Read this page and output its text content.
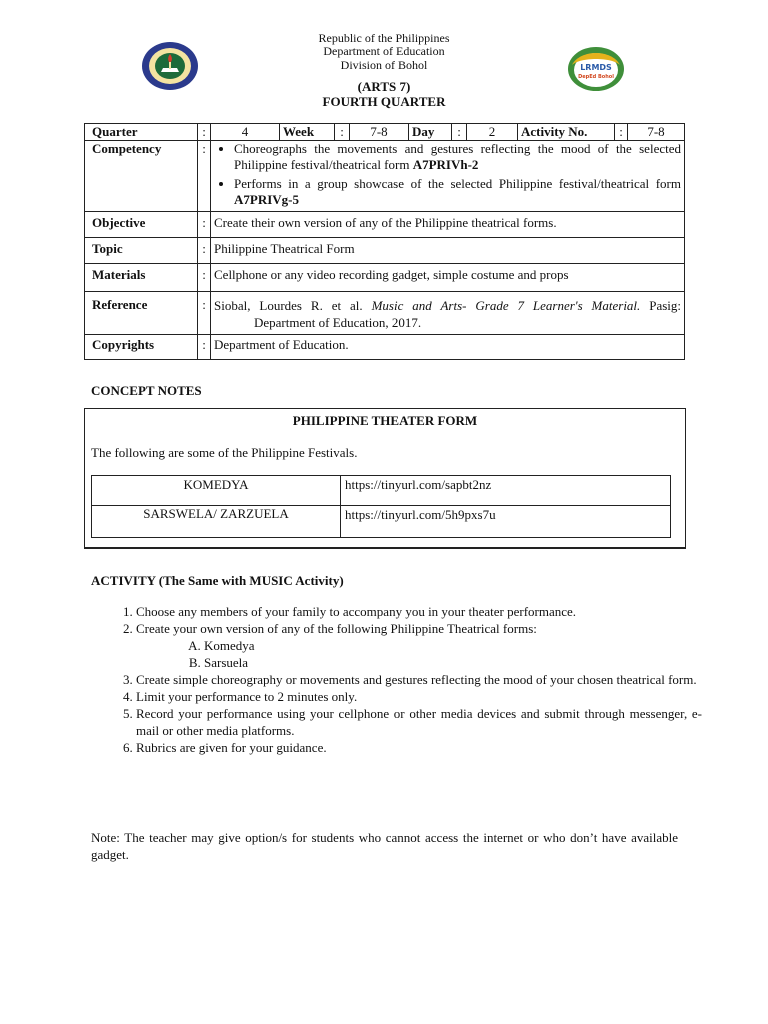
Republic of the Philippines
Department of Education
Division of Bohol
(ARTS 7)
FOURTH QUARTER
LRMDS
DepEd Bohol
Quarter	:		4	Week	:	7-8	Day	:	2	Activity No.	:	7-8

Competency	:	
•Choreographs the movements and gestures reflecting the mood of the selected Philippine festival/theatrical form A7PRIVh-2
• Performs in a group showcase of the selected Philippine festival/theatrical form A7PRIVg-5

Objective	:	Create their own version of any of the Philippine theatrical forms.
Topic	:	Philippine Theatrical Form
Materials	:	Cellphone or any video recording gadget, simple costume and props
Reference	:	Siobal, Lourdes R. et al. Music and Arts- Grade 7 Learner's Material. Pasig:
Department of Education, 2017.

Copyrights	:	Department of Education.
CONCEPT NOTES
PHILIPPINE THEATER FORM
The following are some of the Philippine Festivals.
KOMEDYA	https://tinyurl.com/sapbt2nz
SARSWELA/ ZARZUELA	https://tinyurl.com/5h9pxs7u
ACTIVITY (The Same with MUSIC Activity)
1. Choose any members of your family to accompany you in your theater performance.
2. Create your own version of any of the following Philippine Theatrical forms:
A. Komedya
B. Sarsuela
3. Create simple choreography or movements and gestures reflecting the mood of your chosen theatrical form.
4. Limit your performance to 2 minutes only.
5. Record your performance using your cellphone or other media devices and submit through messenger, e-mail or other media platforms.
6. Rubrics are given for your guidance.
Note: The teacher may give option/s for students who cannot access the internet or who don’t have available gadget.
